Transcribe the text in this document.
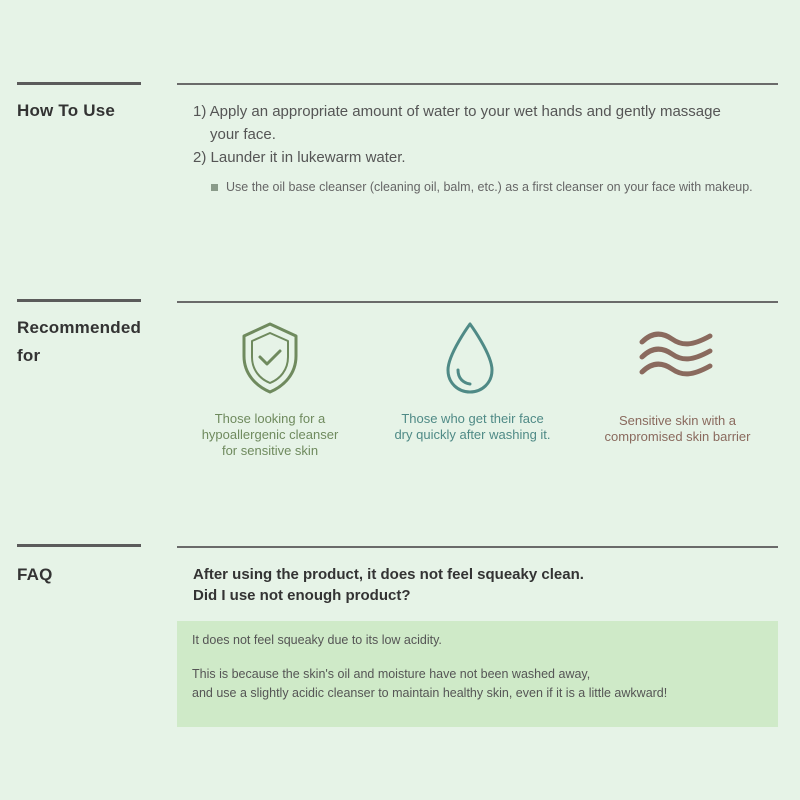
How To Use	1) Apply an appropriate amount of water to your wet hands and gently massage your face.
2) Launder it in lukewarm water.
Use the oil base cleanser (cleaning oil, balm, etc.) as a first cleanser on your face with makeup.
Recommended
for
Those looking for a
hypoallergenic cleanser
for sensitive skin
Those who get their face
dry quickly after washing it.
Sensitive skin with a
compromised skin barrier
FAQ	After using the product, it does not feel squeaky clean.
Did I use not enough product?

It does not feel squeaky due to its low acidity.

This is because the skin's oil and moisture have not been washed away,

and use a slightly acidic cleanser to maintain healthy skin, even if it is a little awkward!
